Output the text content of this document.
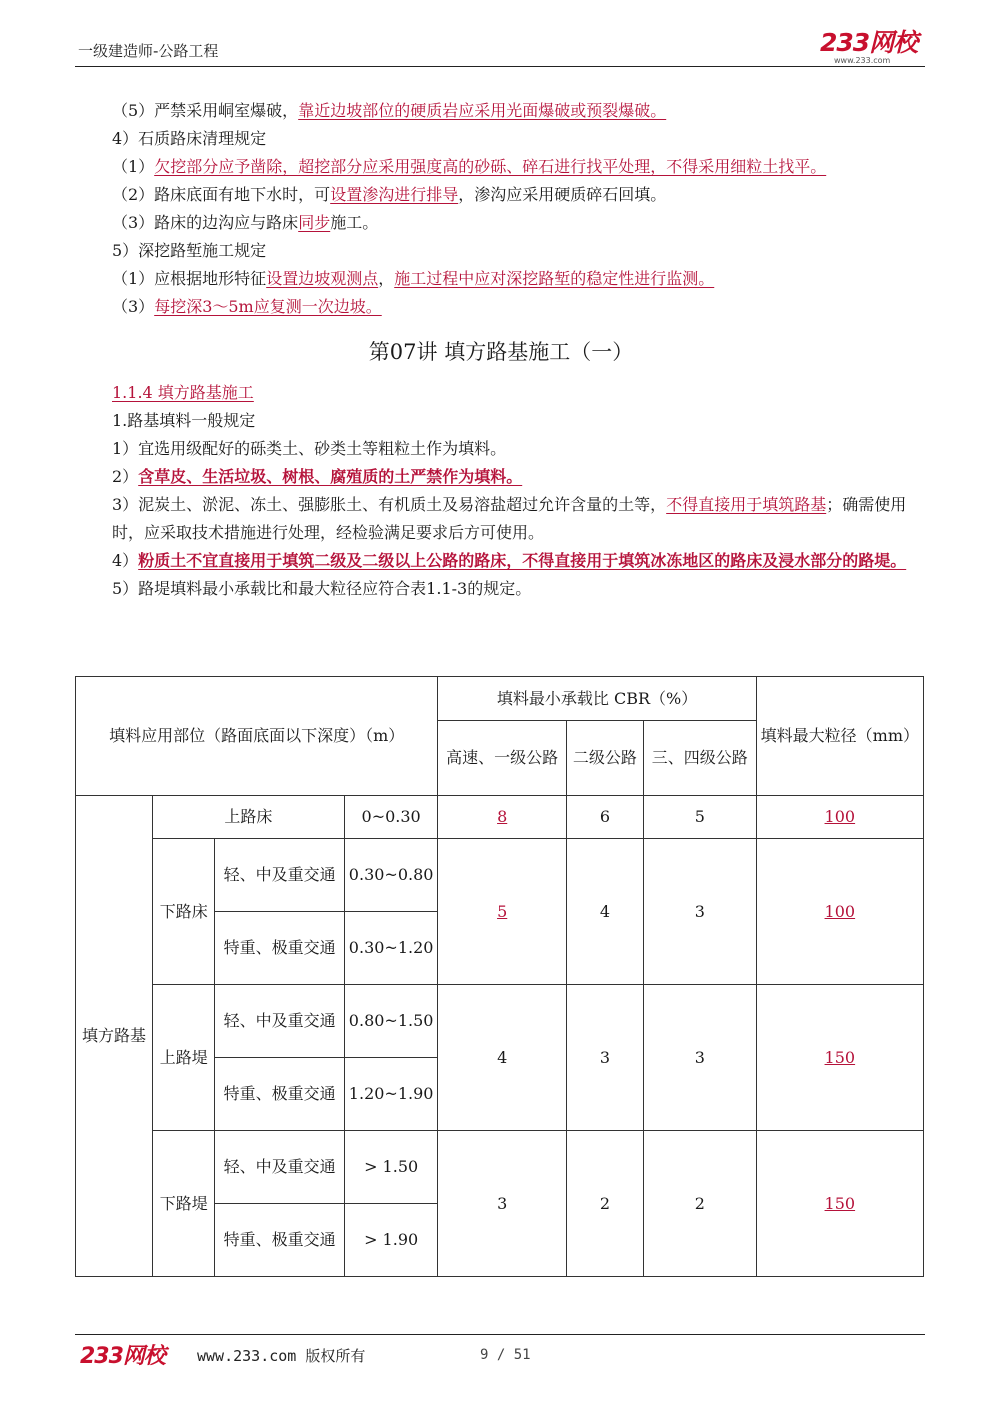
一级建造师-公路工程	233网校
www.233.com
（5）严禁采用峒室爆破，靠近边坡部位的硬质岩应采用光面爆破或预裂爆破。
4）石质路床清理规定
（1）欠挖部分应予凿除，超挖部分应采用强度高的砂砾、碎石进行找平处理，不得采用细粒土找平。
（2）路床底面有地下水时，可设置渗沟进行排导，渗沟应采用硬质碎石回填。
（3）路床的边沟应与路床同步施工。
5）深挖路堑施工规定
（1）应根据地形特征设置边坡观测点，施工过程中应对深挖路堑的稳定性进行监测。
（3）每挖深3～5m应复测一次边坡。
第07讲 填方路基施工（一）
1.1.4 填方路基施工
1.路基填料一般规定
1）宜选用级配好的砾类土、砂类土等粗粒土作为填料。
2）含草皮、生活垃圾、树根、腐殖质的土严禁作为填料。
3）泥炭土、淤泥、冻土、强膨胀土、有机质土及易溶盐超过允许含量的土等，不得直接用于填筑路基；确需使用时，应采取技术措施进行处理，经检验满足要求后方可使用。
4）粉质土不宜直接用于填筑二级及二级以上公路的路床，不得直接用于填筑冰冻地区的路床及浸水部分的路堤。
5）路堤填料最小承载比和最大粒径应符合表1.1-3的规定。
填料应用部位（路面底面以下深度）（m）				填料最小承载比 CBR（%）			填料最大粒径（mm）
				高速、一级公路	二级公路	三、四级公路	
填方路基	上路床		0~0.30	8	6	5	100
	下路床	轻、中及重交通	0.30~0.80	5	4	3	100
		特重、极重交通	0.30~1.20				
	上路堤	轻、中及重交通	0.80~1.50	4	3	3	150
		特重、极重交通	1.20~1.90				
	下路堤	轻、中及重交通	> 1.50	3	2	2	150
		特重、极重交通	> 1.90				
233网校 www.233.com 版权所有	9 / 51
